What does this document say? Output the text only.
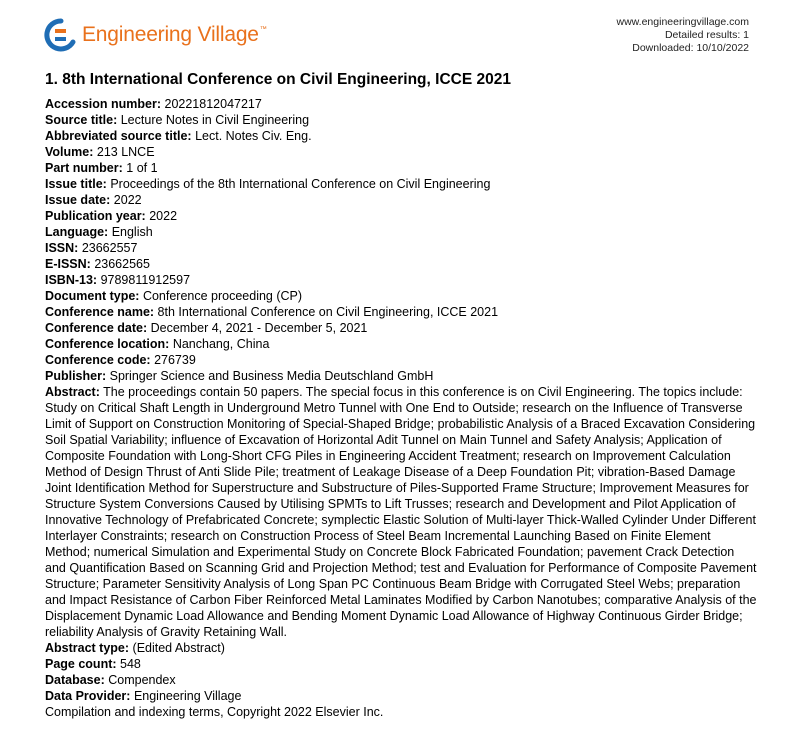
Engineering Village ™
www.engineeringvillage.com
Detailed results: 1
Downloaded: 10/10/2022
1. 8th International Conference on Civil Engineering, ICCE 2021
Accession number: 20221812047217
Source title: Lecture Notes in Civil Engineering
Abbreviated source title: Lect. Notes Civ. Eng.
Volume: 213 LNCE
Part number: 1 of 1
Issue title: Proceedings of the 8th International Conference on Civil Engineering
Issue date: 2022
Publication year: 2022
Language: English
ISSN: 23662557
E-ISSN: 23662565
ISBN-13: 9789811912597
Document type: Conference proceeding (CP)
Conference name: 8th International Conference on Civil Engineering, ICCE 2021
Conference date: December 4, 2021 - December 5, 2021
Conference location: Nanchang, China
Conference code: 276739
Publisher: Springer Science and Business Media Deutschland GmbH
Abstract: The proceedings contain 50 papers. The special focus in this conference is on Civil Engineering. The topics include: Study on Critical Shaft Length in Underground Metro Tunnel with One End to Outside; research on the Influence of Transverse Limit of Support on Construction Monitoring of Special-Shaped Bridge; probabilistic Analysis of a Braced Excavation Considering Soil Spatial Variability; influence of Excavation of Horizontal Adit Tunnel on Main Tunnel and Safety Analysis; Application of Composite Foundation with Long-Short CFG Piles in Engineering Accident Treatment; research on Improvement Calculation Method of Design Thrust of Anti Slide Pile; treatment of Leakage Disease of a Deep Foundation Pit; vibration-Based Damage Joint Identification Method for Superstructure and Substructure of Piles-Supported Frame Structure; Improvement Measures for Structure System Conversions Caused by Utilising SPMTs to Lift Trusses; research and Development and Pilot Application of Innovative Technology of Prefabricated Concrete; symplectic Elastic Solution of Multi-layer Thick-Walled Cylinder Under Different Interlayer Constraints; research on Construction Process of Steel Beam Incremental Launching Based on Finite Element Method; numerical Simulation and Experimental Study on Concrete Block Fabricated Foundation; pavement Crack Detection and Quantification Based on Scanning Grid and Projection Method; test and Evaluation for Performance of Composite Pavement Structure; Parameter Sensitivity Analysis of Long Span PC Continuous Beam Bridge with Corrugated Steel Webs; preparation and Impact Resistance of Carbon Fiber Reinforced Metal Laminates Modified by Carbon Nanotubes; comparative Analysis of the Displacement Dynamic Load Allowance and Bending Moment Dynamic Load Allowance of Highway Continuous Girder Bridge; reliability Analysis of Gravity Retaining Wall.
Abstract type: (Edited Abstract)
Page count: 548
Database: Compendex
Data Provider: Engineering Village
Compilation and indexing terms, Copyright 2022 Elsevier Inc.
